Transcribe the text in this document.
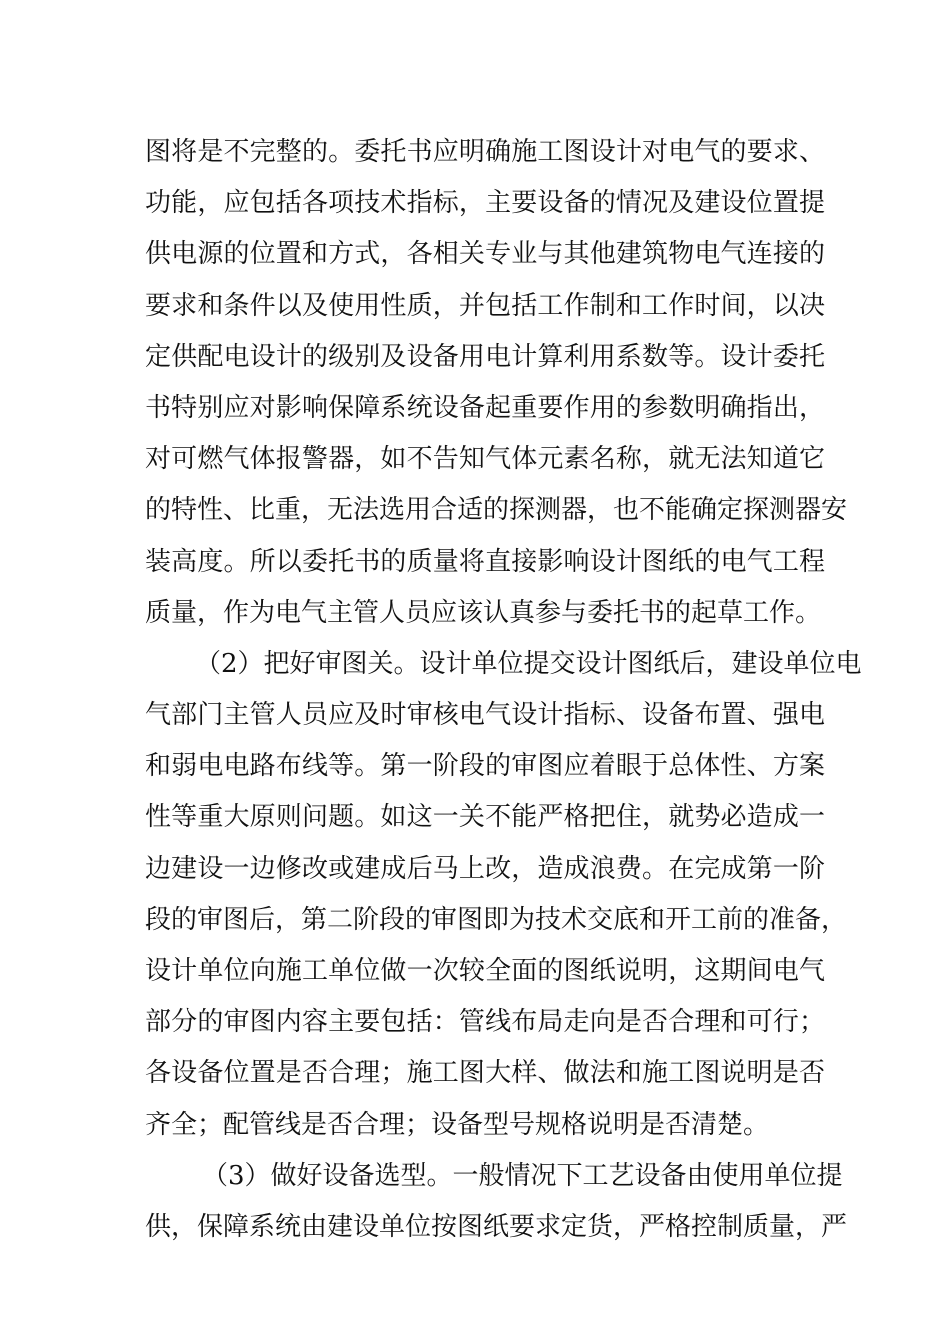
图将是不完整的。委托书应明确施工图设计对电气的要求、
功能，应包括各项技术指标，主要设备的情况及建设位置提
供电源的位置和方式，各相关专业与其他建筑物电气连接的
要求和条件以及使用性质，并包括工作制和工作时间，以决
定供配电设计的级别及设备用电计算利用系数等。设计委托
书特别应对影响保障系统设备起重要作用的参数明确指出，
对可燃气体报警器，如不告知气体元素名称，就无法知道它
的特性、比重，无法选用合适的探测器，也不能确定探测器安
装高度。所以委托书的质量将直接影响设计图纸的电气工程
质量，作为电气主管人员应该认真参与委托书的起草工作。
（2）把好审图关。设计单位提交设计图纸后，建设单位电
气部门主管人员应及时审核电气设计指标、设备布置、强电
和弱电电路布线等。第一阶段的审图应着眼于总体性、方案
性等重大原则问题。如这一关不能严格把住，就势必造成一
边建设一边修改或建成后马上改，造成浪费。在完成第一阶
段的审图后，第二阶段的审图即为技术交底和开工前的准备，
设计单位向施工单位做一次较全面的图纸说明，这期间电气
部分的审图内容主要包括：管线布局走向是否合理和可行；
各设备位置是否合理；施工图大样、做法和施工图说明是否
齐全；配管线是否合理；设备型号规格说明是否清楚。
（3）做好设备选型。一般情况下工艺设备由使用单位提
供，保障系统由建设单位按图纸要求定货，严格控制质量，严
